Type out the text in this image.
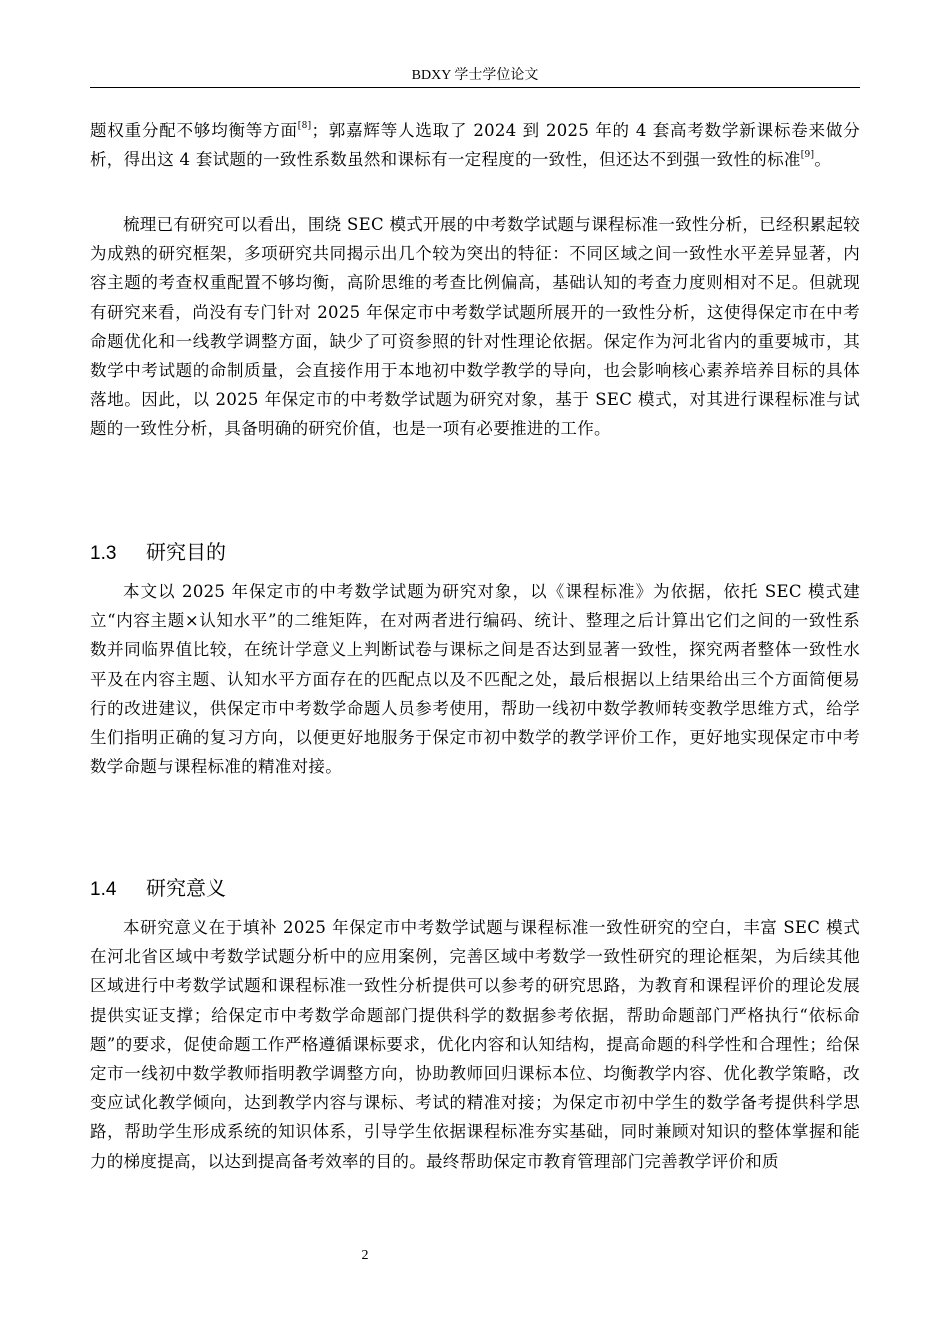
BDXY 学士学位论文

题权重分配不够均衡等方面[8]；郭嘉辉等人选取了 2024 到 2025 年的 4 套高考数学新课标卷来做分析，得出这 4 套试题的一致性系数虽然和课标有一定程度的一致性，但还达不到强一致性的标准[9]。

梳理已有研究可以看出，围绕 SEC 模式开展的中考数学试题与课程标准一致性分析，已经积累起较为成熟的研究框架，多项研究共同揭示出几个较为突出的特征：不同区域之间一致性水平差异显著，内容主题的考查权重配置不够均衡，高阶思维的考查比例偏高，基础认知的考查力度则相对不足。但就现有研究来看，尚没有专门针对 2025 年保定市中考数学试题所展开的一致性分析，这使得保定市在中考命题优化和一线教学调整方面，缺少了可资参照的针对性理论依据。保定作为河北省内的重要城市，其数学中考试题的命制质量，会直接作用于本地初中数学教学的导向，也会影响核心素养培养目标的具体落地。因此，以 2025 年保定市的中考数学试题为研究对象，基于 SEC 模式，对其进行课程标准与试题的一致性分析，具备明确的研究价值，也是一项有必要推进的工作。

1.3 研究目的

本文以 2025 年保定市的中考数学试题为研究对象，以《课程标准》为依据，依托 SEC 模式建立“内容主题×认知水平”的二维矩阵，在对两者进行编码、统计、整理之后计算出它们之间的一致性系数并同临界值比较，在统计学意义上判断试卷与课标之间是否达到显著一致性，探究两者整体一致性水平及在内容主题、认知水平方面存在的匹配点以及不匹配之处，最后根据以上结果给出三个方面简便易行的改进建议，供保定市中考数学命题人员参考使用，帮助一线初中数学教师转变教学思维方式，给学生们指明正确的复习方向，以便更好地服务于保定市初中数学的教学评价工作，更好地实现保定市中考数学命题与课程标准的精准对接。

1.4 研究意义

本研究意义在于填补 2025 年保定市中考数学试题与课程标准一致性研究的空白，丰富 SEC 模式在河北省区域中考数学试题分析中的应用案例，完善区域中考数学一致性研究的理论框架，为后续其他区域进行中考数学试题和课程标准一致性分析提供可以参考的研究思路，为教育和课程评价的理论发展提供实证支撑；给保定市中考数学命题部门提供科学的数据参考依据，帮助命题部门严格执行“依标命题”的要求，促使命题工作严格遵循课标要求，优化内容和认知结构，提高命题的科学性和合理性；给保定市一线初中数学教师指明教学调整方向，协助教师回归课标本位、均衡教学内容、优化教学策略，改变应试化教学倾向，达到教学内容与课标、考试的精准对接；为保定市初中学生的数学备考提供科学思路，帮助学生形成系统的知识体系，引导学生依据课程标准夯实基础，同时兼顾对知识的整体掌握和能力的梯度提高，以达到提高备考效率的目的。最终帮助保定市教育管理部门完善教学评价和质

2
